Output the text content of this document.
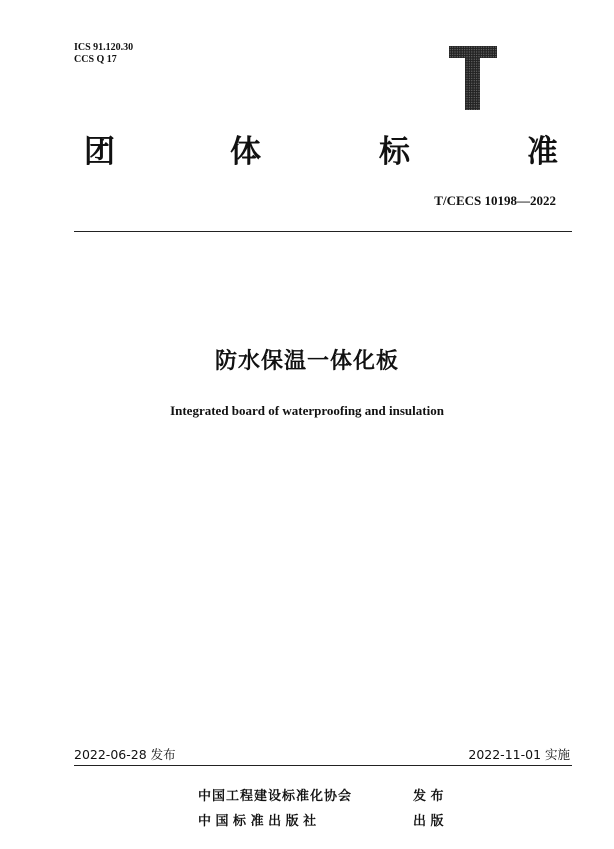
ICS 91.120.30
CCS Q 17
团	体	标	准
T/CECS 10198—2022
防水保温一体化板
Integrated board of waterproofing and insulation
2022-06-28 发布	2022-11-01 实施
中国工程建设标准化协会	发 布
中 国 标 准 出 版 社	出 版
